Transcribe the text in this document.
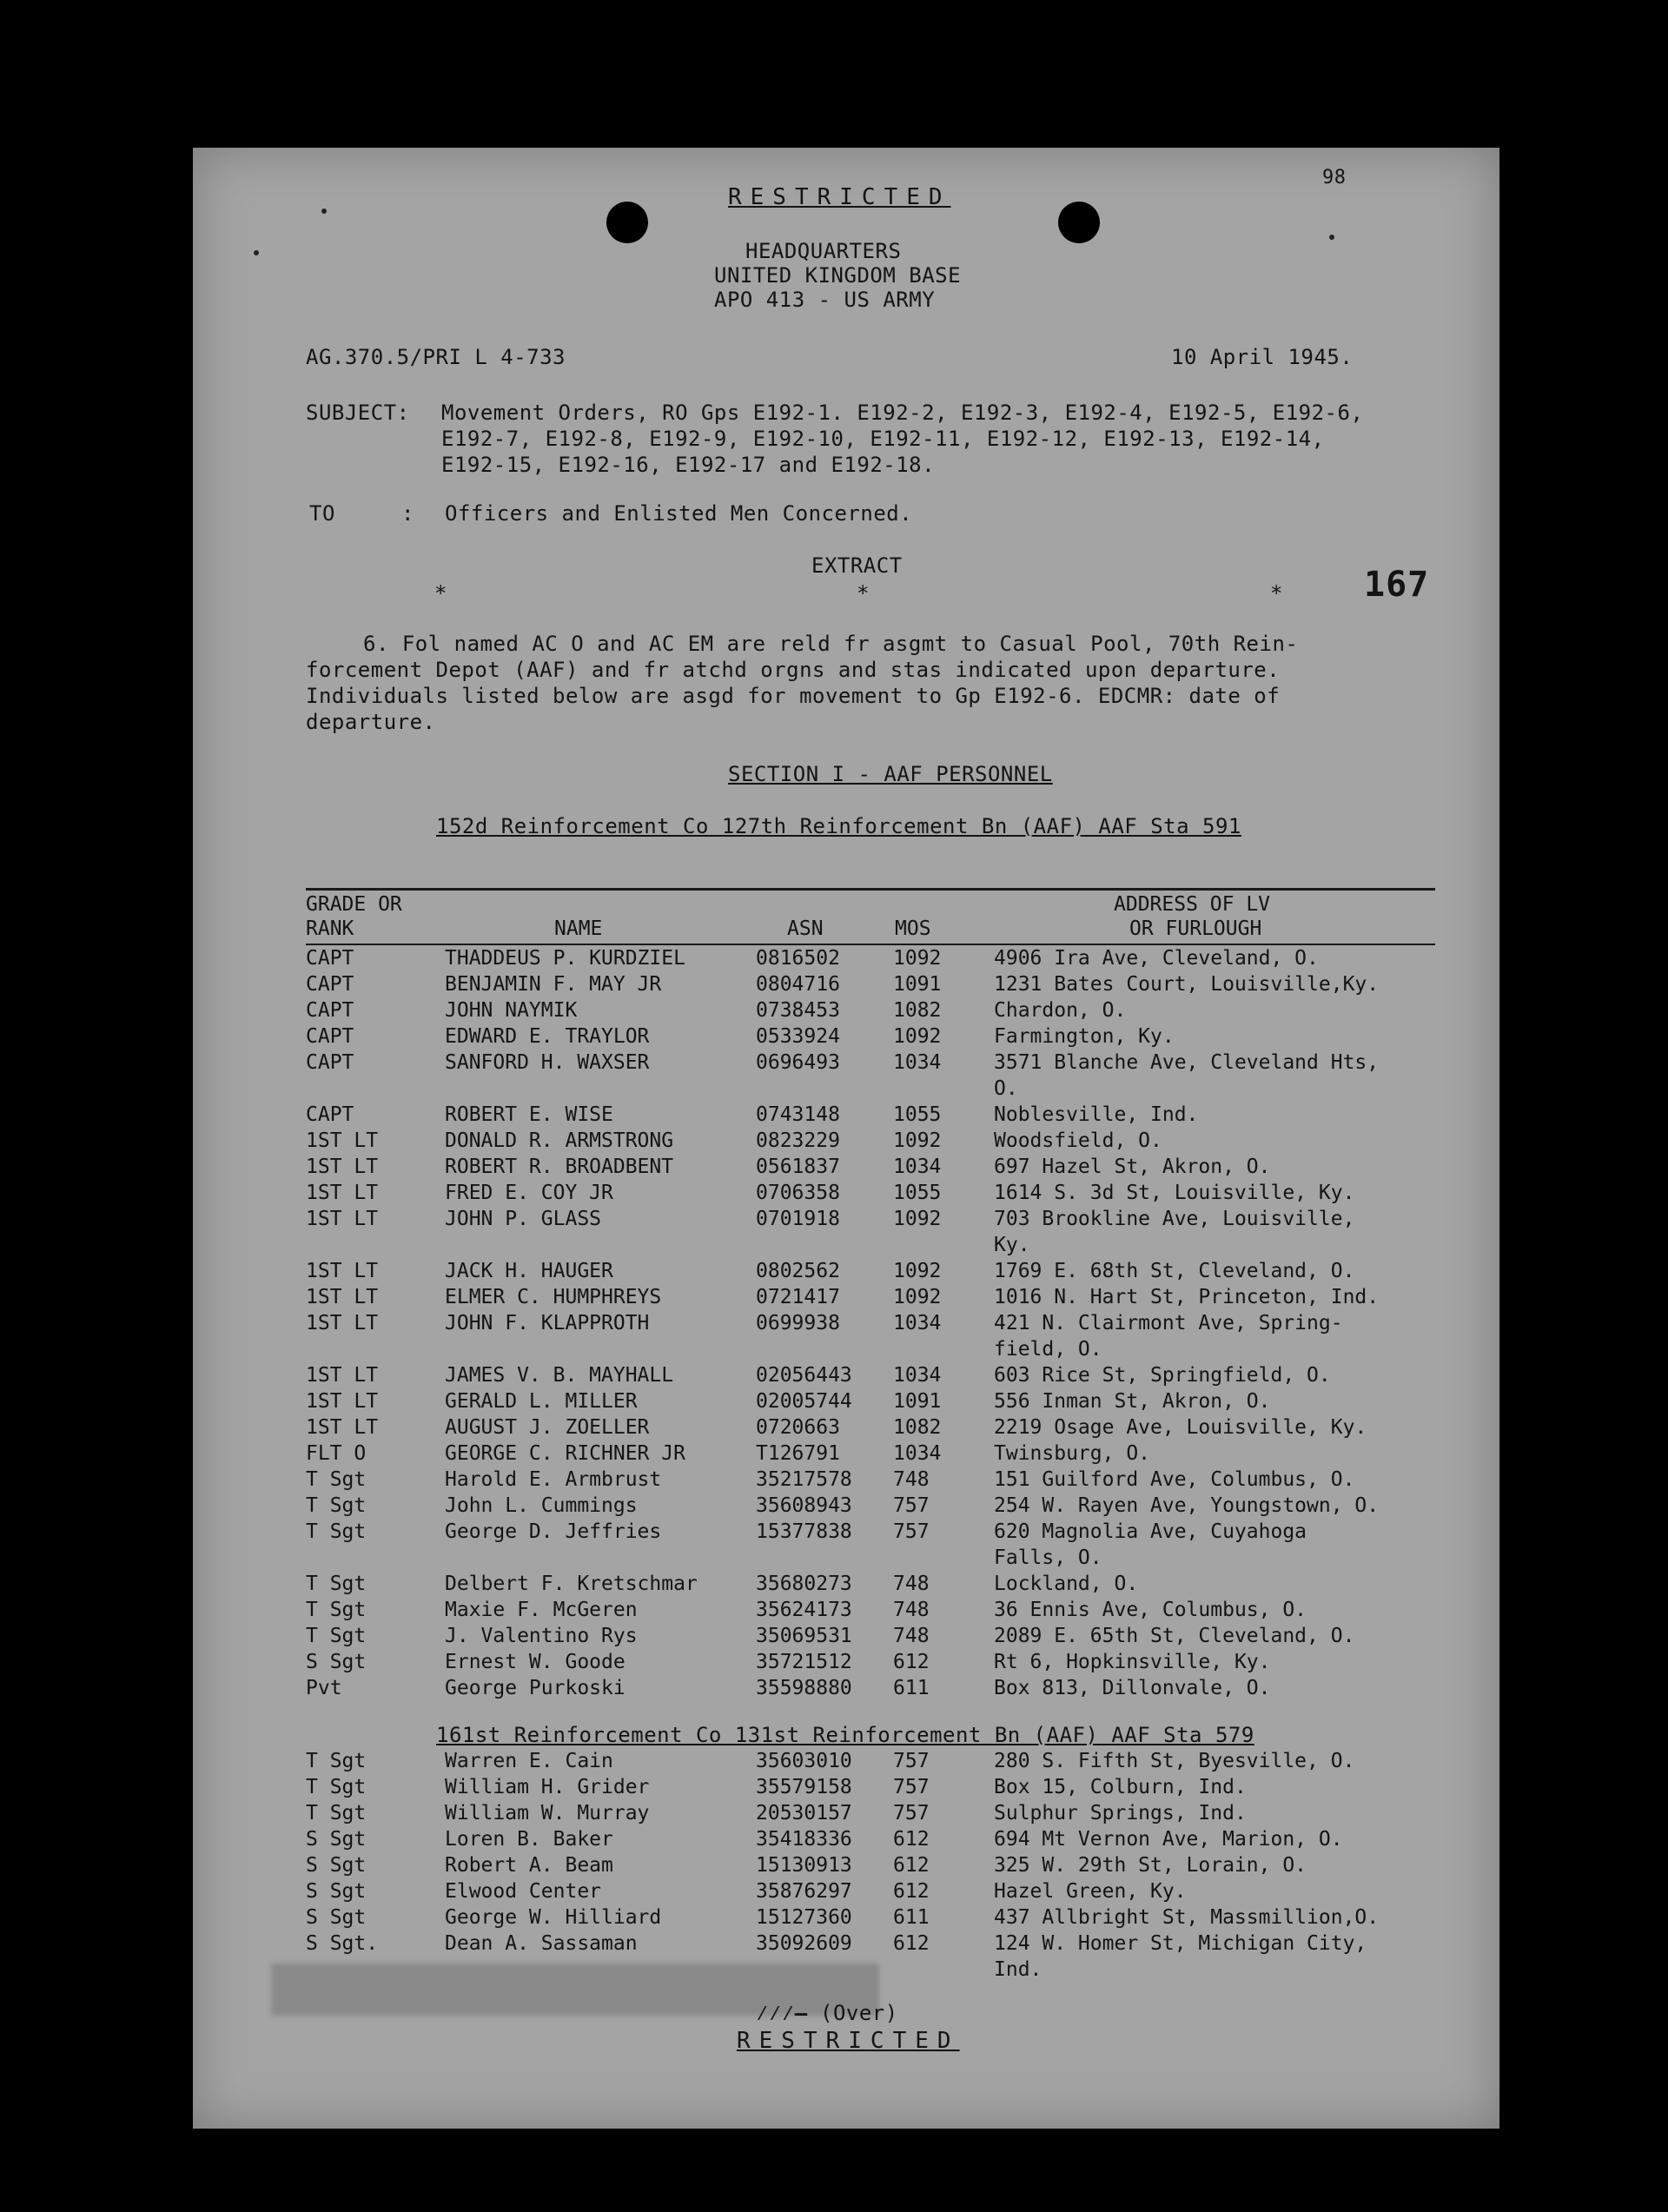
98
RESTRICTED
HEADQUARTERS
UNITED KINGDOM BASE
APO 413 - US ARMY
AG.370.5/PRI L 4-733	10 April 1945.
SUBJECT: Movement Orders, RO Gps E192-1. E192-2, E192-3, E192-4, E192-5, E192-6,
E192-7, E192-8, E192-9, E192-10, E192-11, E192-12, E192-13, E192-14,
E192-15, E192-16, E192-17 and E192-18.
TO	: Officers and Enlisted Men Concerned.
EXTRACT
*	*	* 167
6. Fol named AC O and AC EM are reld fr asgmt to Casual Pool, 70th Rein-
forcement Depot (AAF) and fr atchd orgns and stas indicated upon departure.
Individuals listed below are asgd for movement to Gp E192-6. EDCMR: date of
departure.
SECTION I - AAF PERSONNEL
152d Reinforcement Co 127th Reinforcement Bn (AAF) AAF Sta 591
GRADE OR
RANK	NAME	ASN	MOS
ADDRESS OF LV
OR FURLOUGH
CAPT	THADDEUS P. KURDZIEL	0816502	1092	4906 Ira Ave, Cleveland, O.
CAPT	BENJAMIN F. MAY JR	0804716	1091	1231 Bates Court, Louisville,Ky.
CAPT	JOHN NAYMIK	0738453	1082	Chardon, O.
CAPT	EDWARD E. TRAYLOR	0533924	1092	Farmington, Ky.
CAPT	SANFORD H. WAXSER	0696493	1034	3571 Blanche Ave, Cleveland Hts,
O.
CAPT	ROBERT E. WISE	0743148	1055	Noblesville, Ind.
1ST LT	DONALD R. ARMSTRONG	0823229	1092	Woodsfield, O.
1ST LT	ROBERT R. BROADBENT	0561837	1034	697 Hazel St, Akron, O.
1ST LT	FRED E. COY JR	0706358	1055	1614 S. 3d St, Louisville, Ky.
1ST LT	JOHN P. GLASS	0701918	1092	703 Brookline Ave, Louisville,
Ky.
1ST LT	JACK H. HAUGER	0802562	1092	1769 E. 68th St, Cleveland, O.
1ST LT	ELMER C. HUMPHREYS	0721417	1092	1016 N. Hart St, Princeton, Ind.
1ST LT	JOHN F. KLAPPROTH	0699938	1034	421 N. Clairmont Ave, Spring-
field, O.
1ST LT	JAMES V. B. MAYHALL	02056443 1034	603 Rice St, Springfield, O.
1ST LT	GERALD L. MILLER	02005744 1091	556 Inman St, Akron, O.
1ST LT	AUGUST J. ZOELLER	0720663	1082	2219 Osage Ave, Louisville, Ky.
FLT O	GEORGE C. RICHNER JR	T126791	1034	Twinsburg, O.
T Sgt	Harold E. Armbrust	35217578 748	151 Guilford Ave, Columbus, O.
T Sgt	John L. Cummings	35608943 757	254 W. Rayen Ave, Youngstown, O.
T Sgt	George D. Jeffries	15377838 757	620 Magnolia Ave, Cuyahoga
Falls, O.
T Sgt	Delbert F. Kretschmar	35680273 748	Lockland, O.
T Sgt	Maxie F. McGeren	35624173 748	36 Ennis Ave, Columbus, O.
T Sgt	J. Valentino Rys	35069531 748	2089 E. 65th St, Cleveland, O.
S Sgt	Ernest W. Goode	35721512 612	Rt 6, Hopkinsville, Ky.
Pvt	George Purkoski	35598880 611	Box 813, Dillonvale, O.
161st Reinforcement Co 131st Reinforcement Bn (AAF) AAF Sta 579
T Sgt	Warren E. Cain	35603010 757	280 S. Fifth St, Byesville, O.
T Sgt	William H. Grider	35579158 757	Box 15, Colburn, Ind.
T Sgt	William W. Murray	20530157 757	Sulphur Springs, Ind.
S Sgt	Loren B. Baker	35418336 612	694 Mt Vernon Ave, Marion, O.
S Sgt	Robert A. Beam	15130913 612	325 W. 29th St, Lorain, O.
S Sgt	Elwood Center	35876297 612	Hazel Green, Ky.
S Sgt	George W. Hilliard	15127360 611	437 Allbright St, Massmillion,O.
S Sgt.	Dean A. Sassaman	35092609 612	124 W. Homer St, Michigan City,
Ind.
⁄⁄⁄— (Over)
RESTRICTED
